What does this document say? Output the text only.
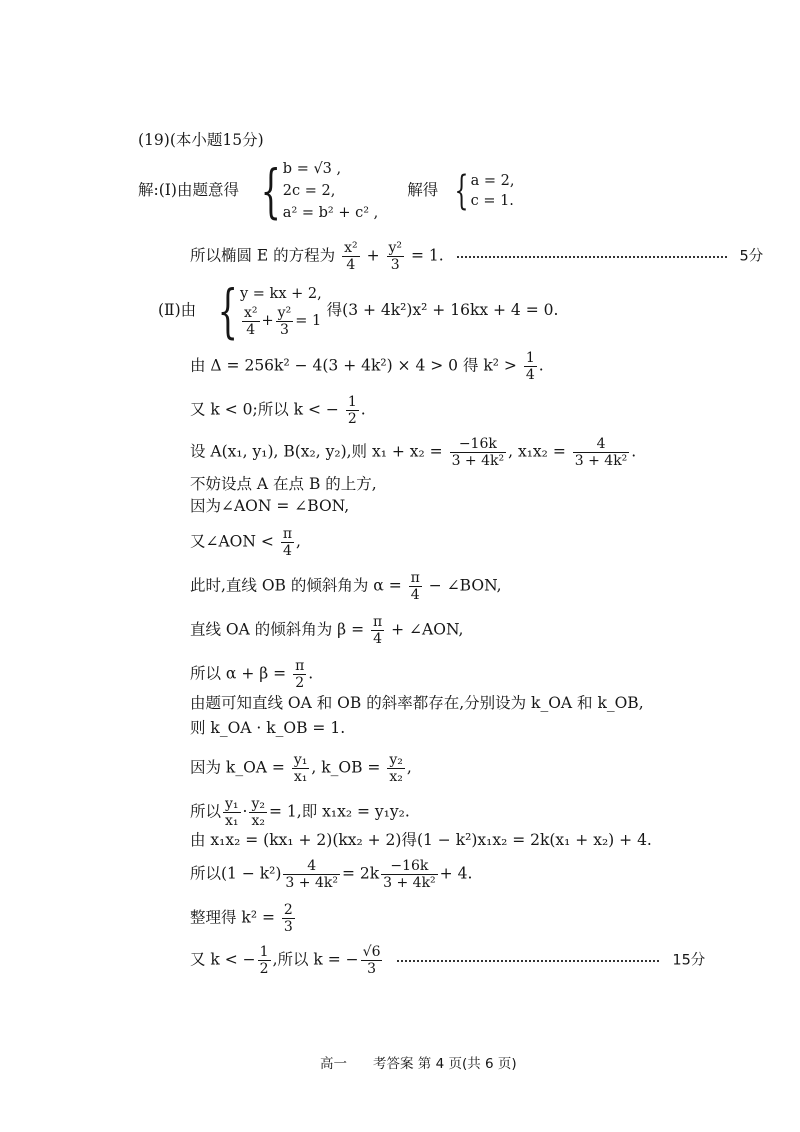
(19)(本小题15分)
解:(Ⅰ)由题意得 { b = √3 ,
2c = 2,
a² = b² + c² ,
解得 { a = 2,
c = 1.
所以椭圆 E 的方程为 $\frac{\text{x²}}{4} + \frac{\text{y²}}{3} = 1$.	5分
(Ⅱ)由 { y = kx + 2,
$\frac{\text{x²}}{4} + \frac{\text{y²}}{3} = 1$
得(3 + 4k²)x² + 16kx + 4 = 0.
由 Δ = 256k² − 4(3 + 4k²) × 4 > 0 得 $k^2 > \frac{1}{4}$ .
又 k < 0;所以 k < − $\frac{1}{2}$ .
设 A(x₁, y₁), B(x₂, y₂),则 $x_1 + x_2 = \frac{-16k}{\text{3 + 4k²}}$ , $x_1x_2 = \frac{4}{\text{3 + 4k²}}$ .
不妨设点 A 在点 B 的上方,
因为∠AON = ∠BON,
又∠AON < $\frac{\pi}{4}$ ,
此时,直线 OB 的倾斜角为 $\alpha = \frac{\pi}{4}$ − ∠BON,
直线 OA 的倾斜角为 $\beta = \frac{\pi}{4}$ + ∠AON,
所以 $\alpha + \beta = \frac{\pi}{2}$ .
由题可知直线 OA 和 OB 的斜率都存在,分别设为 k_OA 和 k_OB,
则 k_OA · k_OB = 1.
因为 k_OA = $\frac{\text{y₁}}{\text{x₁}}$ , k_OB = $\frac{\text{y₂}}{\text{x₂}}$ ,
所以 $\frac{\text{y₁}}{\text{x₁}} \cdot \frac{\text{y₂}}{\text{x₂}} = 1$,即 x₁x₂ = y₁y₂.
由 x₁x₂ = (kx₁ + 2)(kx₂ + 2)得(1 − k²)x₁x₂ = 2k(x₁ + x₂) + 4.
所以$(1 - k^2) \frac{4}{\text{3 + 4k²}} = 2k \frac{-16k}{\text{3 + 4k²}} + 4$.
整理得 $k^2 = \frac{2}{3}$
又 k < − $\frac{1}{2}$ ,所以 k = − $\frac{√6}{3}$	15分
高一 考答案 第 4 页(共 6 页)
